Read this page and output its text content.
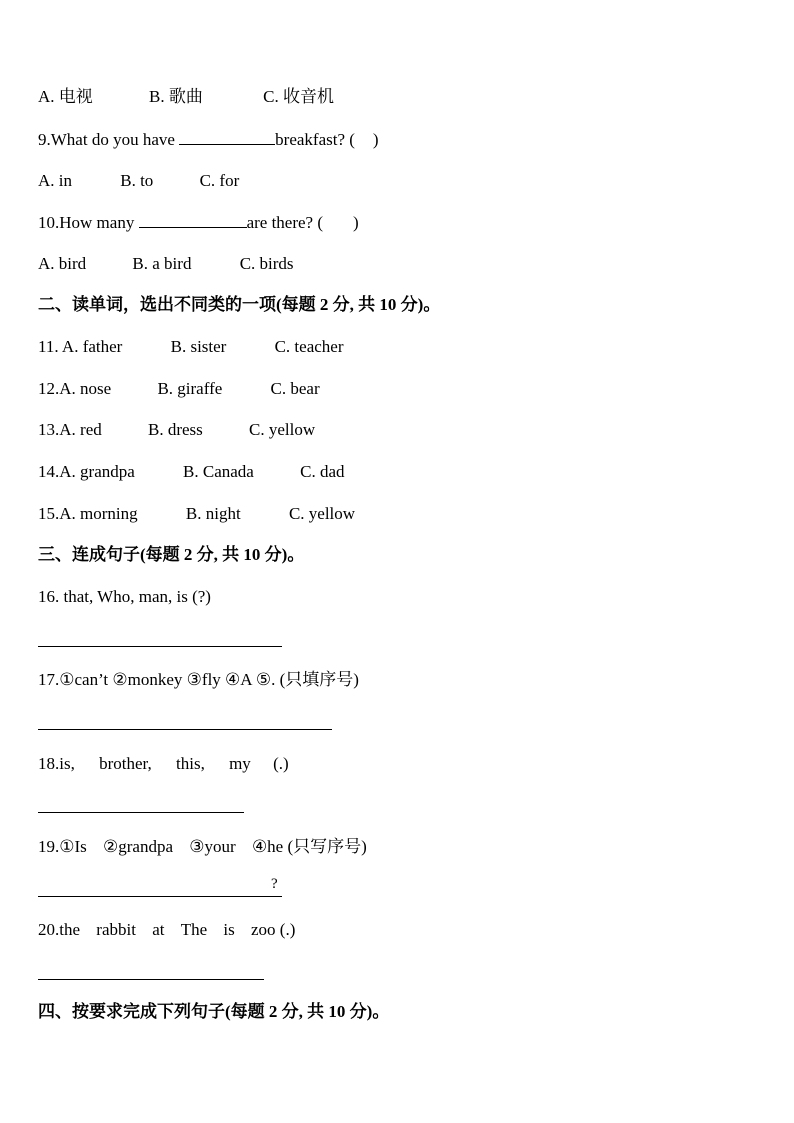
A. 电视	B. 歌曲	C. 收音机
9.What do you have	breakfast? ( )
A. in	B. to	C. for
10.How many	are there? ( )
A. bird	B. a bird	C. birds
二、读单词，选出不同类的一项(每题 2 分, 共 10 分)。
11. A. father	B. sister	C. teacher
12.A. nose	B. giraffe	C. bear
13.A. red	B. dress	C. yellow
14.A. grandpa	B. Canada	C. dad
15.A. morning	B. night	C. yellow
三、连成句子(每题 2 分, 共 10 分)。
16. that, Who, man, is (?)
17.①can’t ②monkey ③fly ④A ⑤. (只填序号)
18.is, brother, this, my (.)
19.①Is ②grandpa ③your ④he (只写序号)
?
20.the rabbit at The is zoo (.)
四、按要求完成下列句子(每题 2 分, 共 10 分)。
